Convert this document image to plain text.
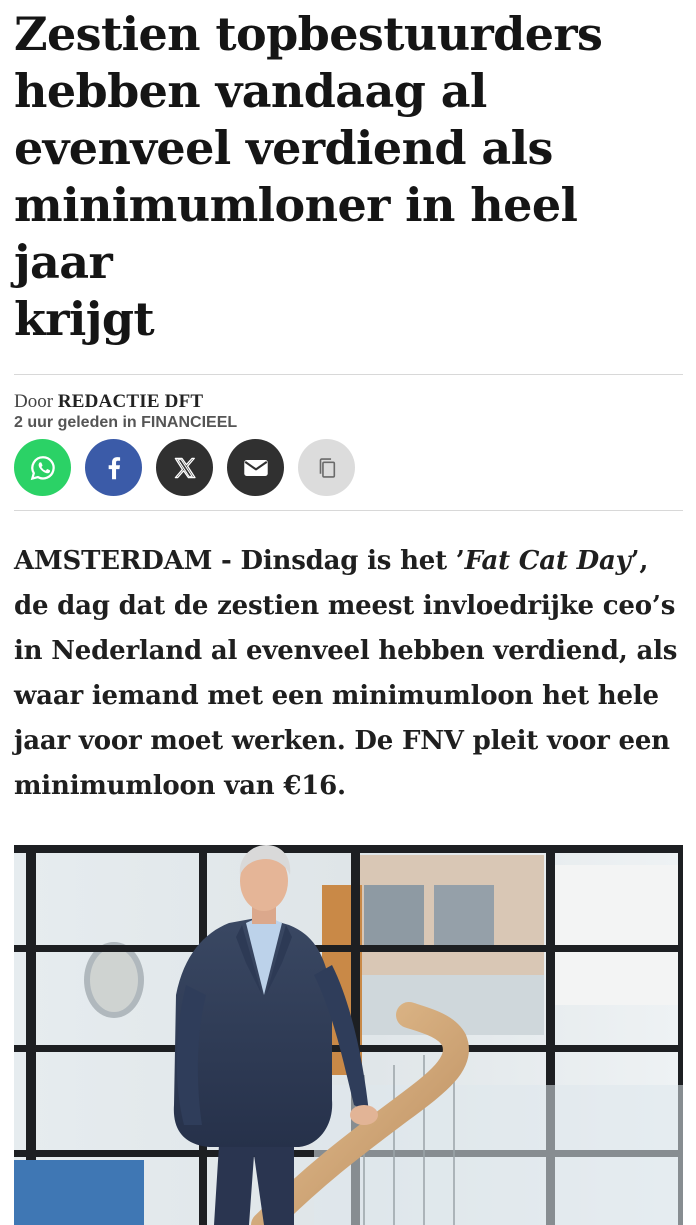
Zestien topbestuurders
hebben vandaag al
evenveel verdiend als
minimumloner in heel jaar
krijgt
Door REDACTIE DFT
2 uur geleden in FINANCIEEL

AMSTERDAM - Dinsdag is het ’Fat Cat Day’, de dag dat de zestien meest invloedrijke ceo’s in Nederland al evenveel hebben verdiend, als waar iemand met een minimumloon het hele jaar voor moet werken. De FNV pleit voor een minimumloon van €16.
